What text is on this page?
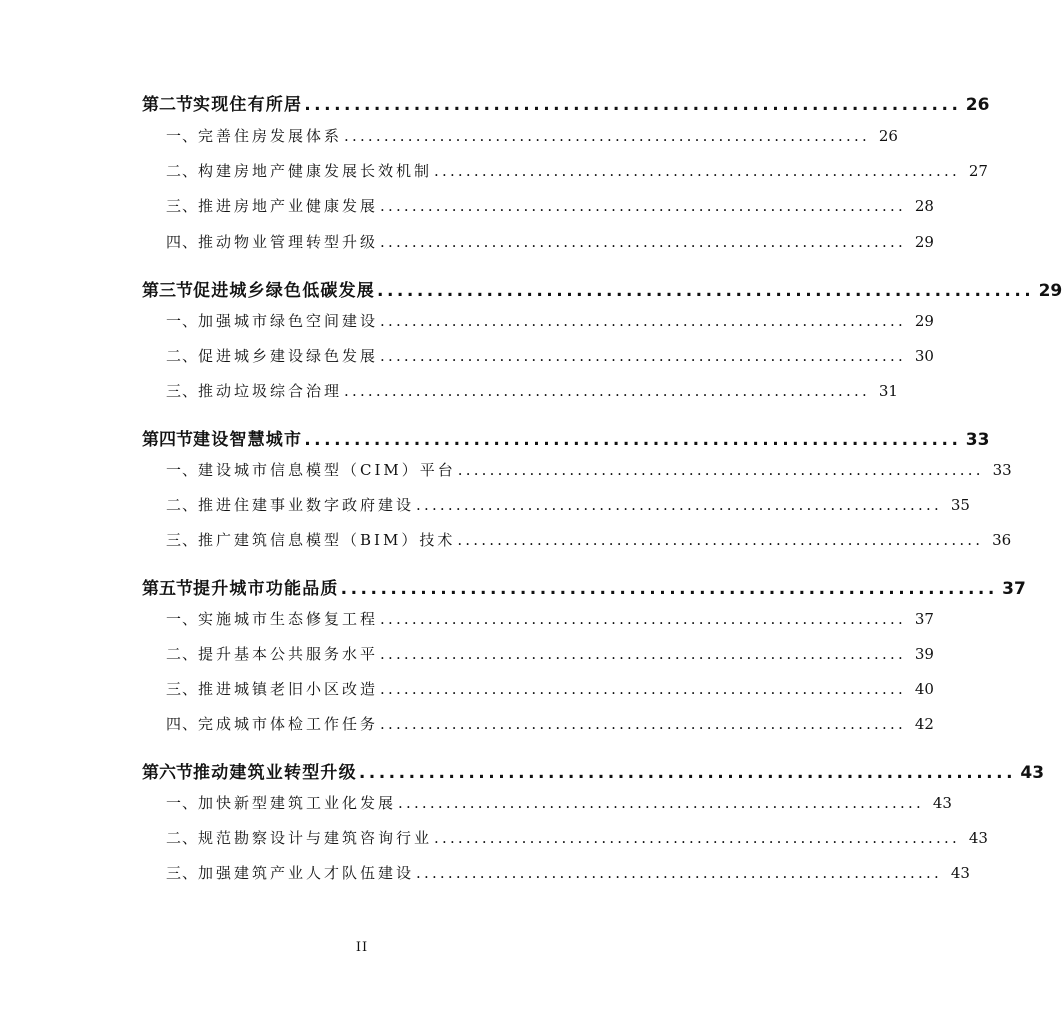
第二节 实现住有所居 .................................................................. 26
一、 完善住房发展体系 .................................................................. 26
二、 构建房地产健康发展长效机制 .................................................................. 27
三、 推进房地产业健康发展 .................................................................. 28
四、 推动物业管理转型升级 .................................................................. 29
第三节 促进城乡绿色低碳发展 .................................................................. 29
一、 加强城市绿色空间建设 .................................................................. 29
二、 促进城乡建设绿色发展 .................................................................. 30
三、 推动垃圾综合治理 .................................................................. 31
第四节 建设智慧城市 .................................................................. 33
一、 建设城市信息模型（CIM）平台 .................................................................. 33
二、 推进住建事业数字政府建设 .................................................................. 35
三、 推广建筑信息模型（BIM）技术 .................................................................. 36
第五节 提升城市功能品质 .................................................................. 37
一、 实施城市生态修复工程 .................................................................. 37
二、 提升基本公共服务水平 .................................................................. 39
三、 推进城镇老旧小区改造 .................................................................. 40
四、 完成城市体检工作任务 .................................................................. 42
第六节 推动建筑业转型升级 .................................................................. 43
一、 加快新型建筑工业化发展 .................................................................. 43
二、 规范勘察设计与建筑咨询行业 .................................................................. 43
三、 加强建筑产业人才队伍建设 .................................................................. 43
II
